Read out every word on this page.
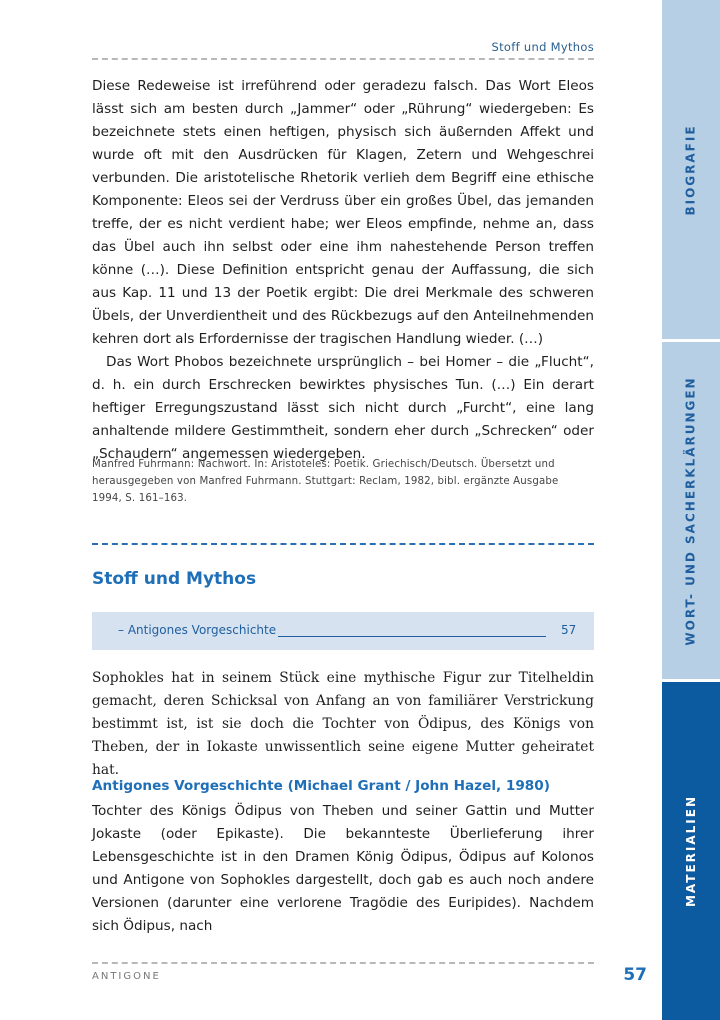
Stoff und Mythos

Diese Redeweise ist irreführend oder geradezu falsch. Das Wort Eleos lässt sich am besten durch „Jammer“ oder „Rührung“ wiedergeben: Es bezeichnete stets einen heftigen, physisch sich äußernden Affekt und wurde oft mit den Ausdrücken für Klagen, Zetern und Wehgeschrei verbunden. Die aristotelische Rhetorik verlieh dem Begriff eine ethische Komponente: Eleos sei der Verdruss über ein großes Übel, das jemanden treffe, der es nicht verdient habe; wer Eleos empfinde, nehme an, dass das Übel auch ihn selbst oder eine ihm nahestehende Person treffen könne (…). Diese Definition entspricht genau der Auffassung, die sich aus Kap. 11 und 13 der Poetik ergibt: Die drei Merkmale des schweren Übels, der Unverdientheit und des Rückbezugs auf den Anteilnehmenden kehren dort als Erfordernisse der tragischen Handlung wieder. (…)

Das Wort Phobos bezeichnete ursprünglich – bei Homer – die „Flucht“, d. h. ein durch Erschrecken bewirktes physisches Tun. (…) Ein derart heftiger Erregungszustand lässt sich nicht durch „Furcht“, eine lang anhaltende mildere Gestimmtheit, sondern eher durch „Schrecken“ oder „Schaudern“ angemessen wiedergeben.

Manfred Fuhrmann: Nachwort. In: Aristoteles: Poetik. Griechisch/Deutsch. Übersetzt und herausgegeben von Manfred Fuhrmann. Stuttgart: Reclam, 1982, bibl. ergänzte Ausgabe 1994, S. 161–163.
Stoff und Mythos
– Antigones Vorgeschichte	57
Sophokles hat in seinem Stück eine mythische Figur zur Titelheldin gemacht, deren Schicksal von Anfang an von familiärer Verstrickung bestimmt ist, ist sie doch die Tochter von Ödipus, des Königs von Theben, der in Iokaste unwissentlich seine eigene Mutter geheiratet hat.
Antigones Vorgeschichte (Michael Grant / John Hazel, 1980)
Tochter des Königs Ödipus von Theben und seiner Gattin und Mutter Jokaste (oder Epikaste). Die bekannteste Überlieferung ihrer Lebensgeschichte ist in den Dramen König Ödipus, Ödipus auf Kolonos und Antigone von Sophokles dargestellt, doch gab es auch noch andere Versionen (darunter eine verlorene Tragödie des Euripides). Nachdem sich Ödipus, nach
ANTIGONE	57
BIOGRAFIE
WORT- UND SACHERKLÄRUNGEN
MATERIALIEN
